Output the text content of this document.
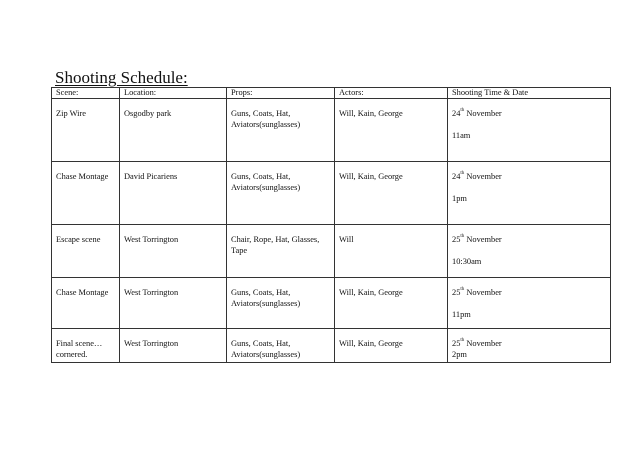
Shooting Schedule:
Scene:	Location:	Props:	Actors:	Shooting Time & Date
Zip Wire	Osgodby park	Guns, Coats, Hat, Aviators(sunglasses)	Will, Kain, George	24th November
11am

Chase Montage	David Picariens	Guns, Coats, Hat, Aviators(sunglasses)	Will, Kain, George	24th November
1pm

Escape scene	West Torrington	Chair, Rope, Hat, Glasses, Tape	Will	25th November
10:30am

Chase Montage	West Torrington	Guns, Coats, Hat, Aviators(sunglasses)	Will, Kain, George	25th November
11pm

Final scene… cornered.	West Torrington	Guns, Coats, Hat, Aviators(sunglasses)	Will, Kain, George	25th November
2pm
